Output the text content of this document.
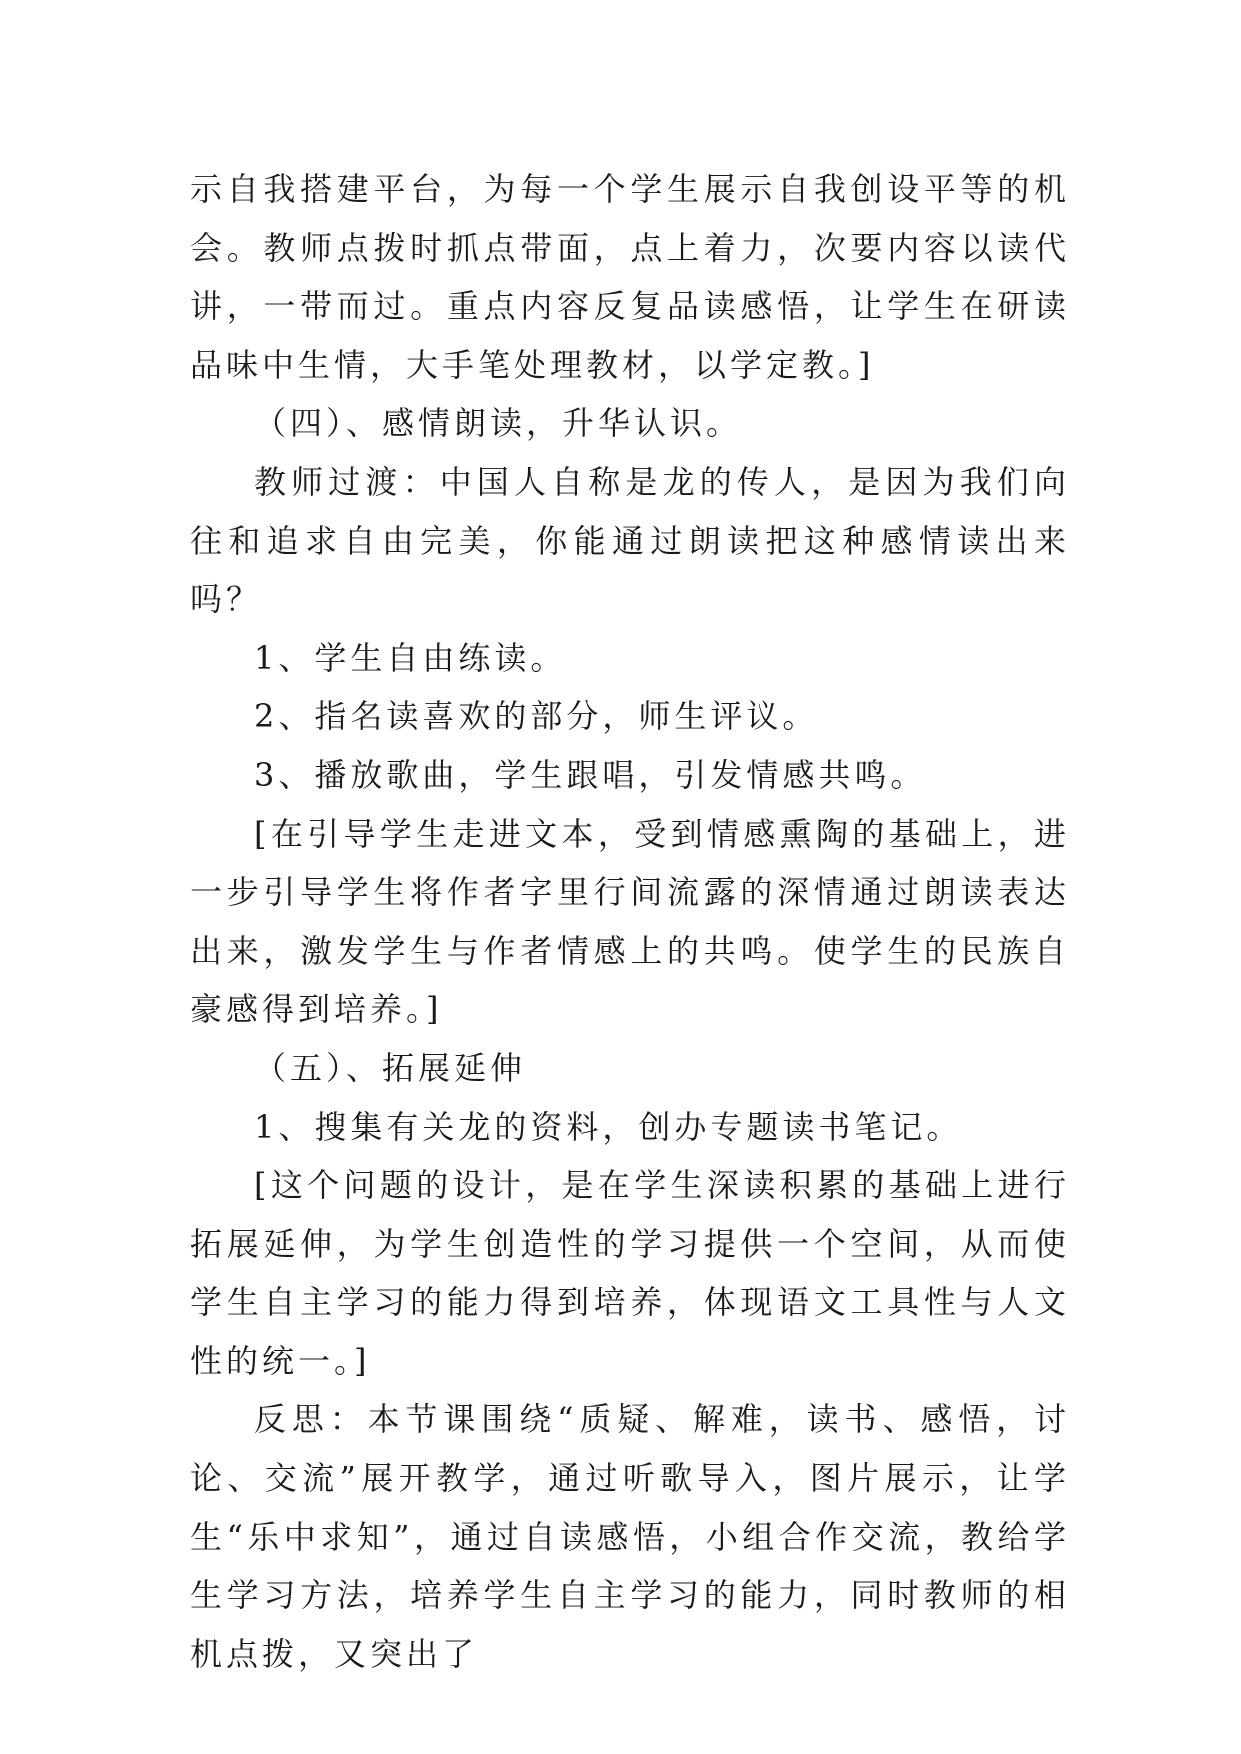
示自我搭建平台，为每一个学生展示自我创设平等的机会。教师点拨时抓点带面，点上着力，次要内容以读代讲，一带而过。重点内容反复品读感悟，让学生在研读品味中生情，大手笔处理教材，以学定教。]

（四）、感情朗读，升华认识。

教师过渡：中国人自称是龙的传人，是因为我们向往和追求自由完美，你能通过朗读把这种感情读出来吗？

1、学生自由练读。

2、指名读喜欢的部分，师生评议。

3、播放歌曲，学生跟唱，引发情感共鸣。

[在引导学生走进文本，受到情感熏陶的基础上，进一步引导学生将作者字里行间流露的深情通过朗读表达出来，激发学生与作者情感上的共鸣。使学生的民族自豪感得到培养。]

（五）、拓展延伸

1、搜集有关龙的资料，创办专题读书笔记。

[这个问题的设计，是在学生深读积累的基础上进行拓展延伸，为学生创造性的学习提供一个空间，从而使学生自主学习的能力得到培养，体现语文工具性与人文性的统一。]

反思：本节课围绕“质疑、解难，读书、感悟，讨论、交流”展开教学，通过听歌导入，图片展示，让学生“乐中求知”，通过自读感悟，小组合作交流，教给学生学习方法，培养学生自主学习的能力，同时教师的相机点拨，又突出了
